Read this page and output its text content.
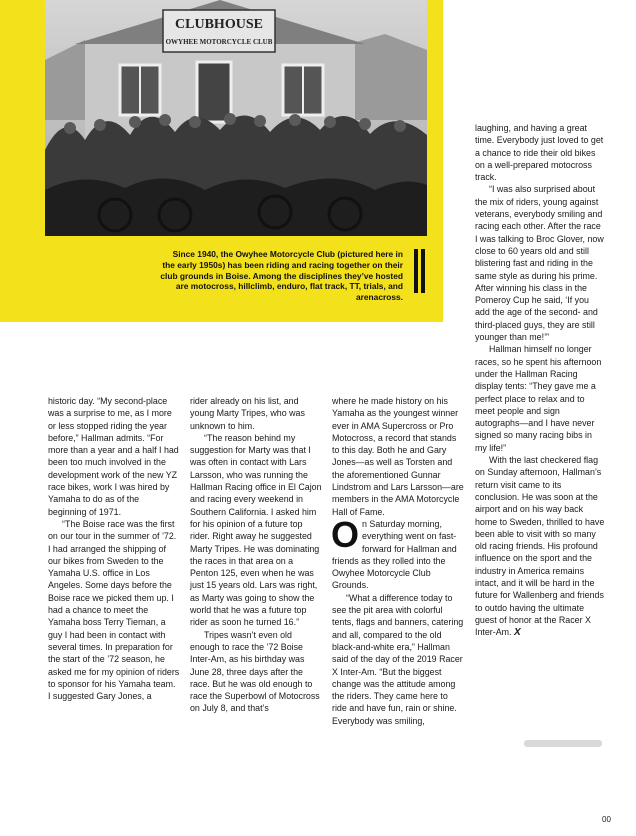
CLUBHOUSE
OWYHEE MOTORCYCLE CLUB
Since 1940, the Owyhee Motorcycle Club (pictured here in the early 1950s) has been riding and racing together on their club grounds in Boise. Among the disciplines they’ve hosted are motocross, hillclimb, enduro, flat track, TT, trials, and arenacross.

historic day. “My second-place was a surprise to me, as I more or less stopped riding the year before,” Hallman admits. “For more than a year and a half I had been too much involved in the development work of the new YZ race bikes, work I was hired by Yamaha to do as of the beginning of 1971.

“The Boise race was the first on our tour in the summer of ’72. I had arranged the shipping of our bikes from Sweden to the Yamaha U.S. office in Los Angeles. Some days before the Boise race we picked them up. I had a chance to meet the Yamaha boss Terry Tiernan, a guy I had been in contact with several times. In preparation for the start of the ’72 season, he asked me for my opinion of riders to sponsor for his Yamaha team. I suggested Gary Jones, a

rider already on his list, and young Marty Tripes, who was unknown to him.

“The reason behind my suggestion for Marty was that I was often in contact with Lars Larsson, who was running the Hallman Racing office in El Cajon and racing every weekend in Southern California. I asked him for his opinion of a future top rider. Right away he suggested Marty Tripes. He was dominating the races in that area on a Penton 125, even when he was just 15 years old. Lars was right, as Marty was going to show the world that he was a future top rider as soon he turned 16.”

Tripes wasn’t even old enough to race the ’72 Boise Inter-Am, as his birthday was June 28, three days after the race. But he was old enough to race the Superbowl of Motocross on July 8, and that’s

where he made history on his Yamaha as the youngest winner ever in AMA Supercross or Pro Motocross, a record that stands to this day. Both he and Gary Jones—as well as Torsten and the aforementioned Gunnar Lindstrom and Lars Larsson—are members in the AMA Motorcycle Hall of Fame.

On Saturday morning, everything went on fast-forward for Hallman and friends as they rolled into the Owyhee Motorcycle Club Grounds.

“What a difference today to see the pit area with colorful tents, flags and banners, catering and all, compared to the old black-and-white era,” Hallman said of the day of the 2019 Racer X Inter-Am. “But the biggest change was the attitude among the riders. They came here to ride and have fun, rain or shine. Everybody was smiling,

laughing, and having a great time. Everybody just loved to get a chance to ride their old bikes on a well-prepared motocross track.

“I was also surprised about the mix of riders, young against veterans, everybody smiling and racing each other. After the race I was talking to Broc Glover, now close to 60 years old and still blistering fast and riding in the same style as during his prime. After winning his class in the Pomeroy Cup he said, ‘If you add the age of the second- and third-placed guys, they are still younger than me!’”

Hallman himself no longer races, so he spent his afternoon under the Hallman Racing display tents: “They gave me a perfect place to relax and to meet people and sign autographs—and I have never signed so many racing bibs in my life!”

With the last checkered flag on Sunday afternoon, Hallman’s return visit came to its conclusion. He was soon at the airport and on his way back home to Sweden, thrilled to have been able to visit with so many old racing friends. His profound influence on the sport and the industry in America remains intact, and it will be hard in the future for Wallenberg and friends to outdo having the ultimate guest of honor at the Racer X Inter-Am. X

00
